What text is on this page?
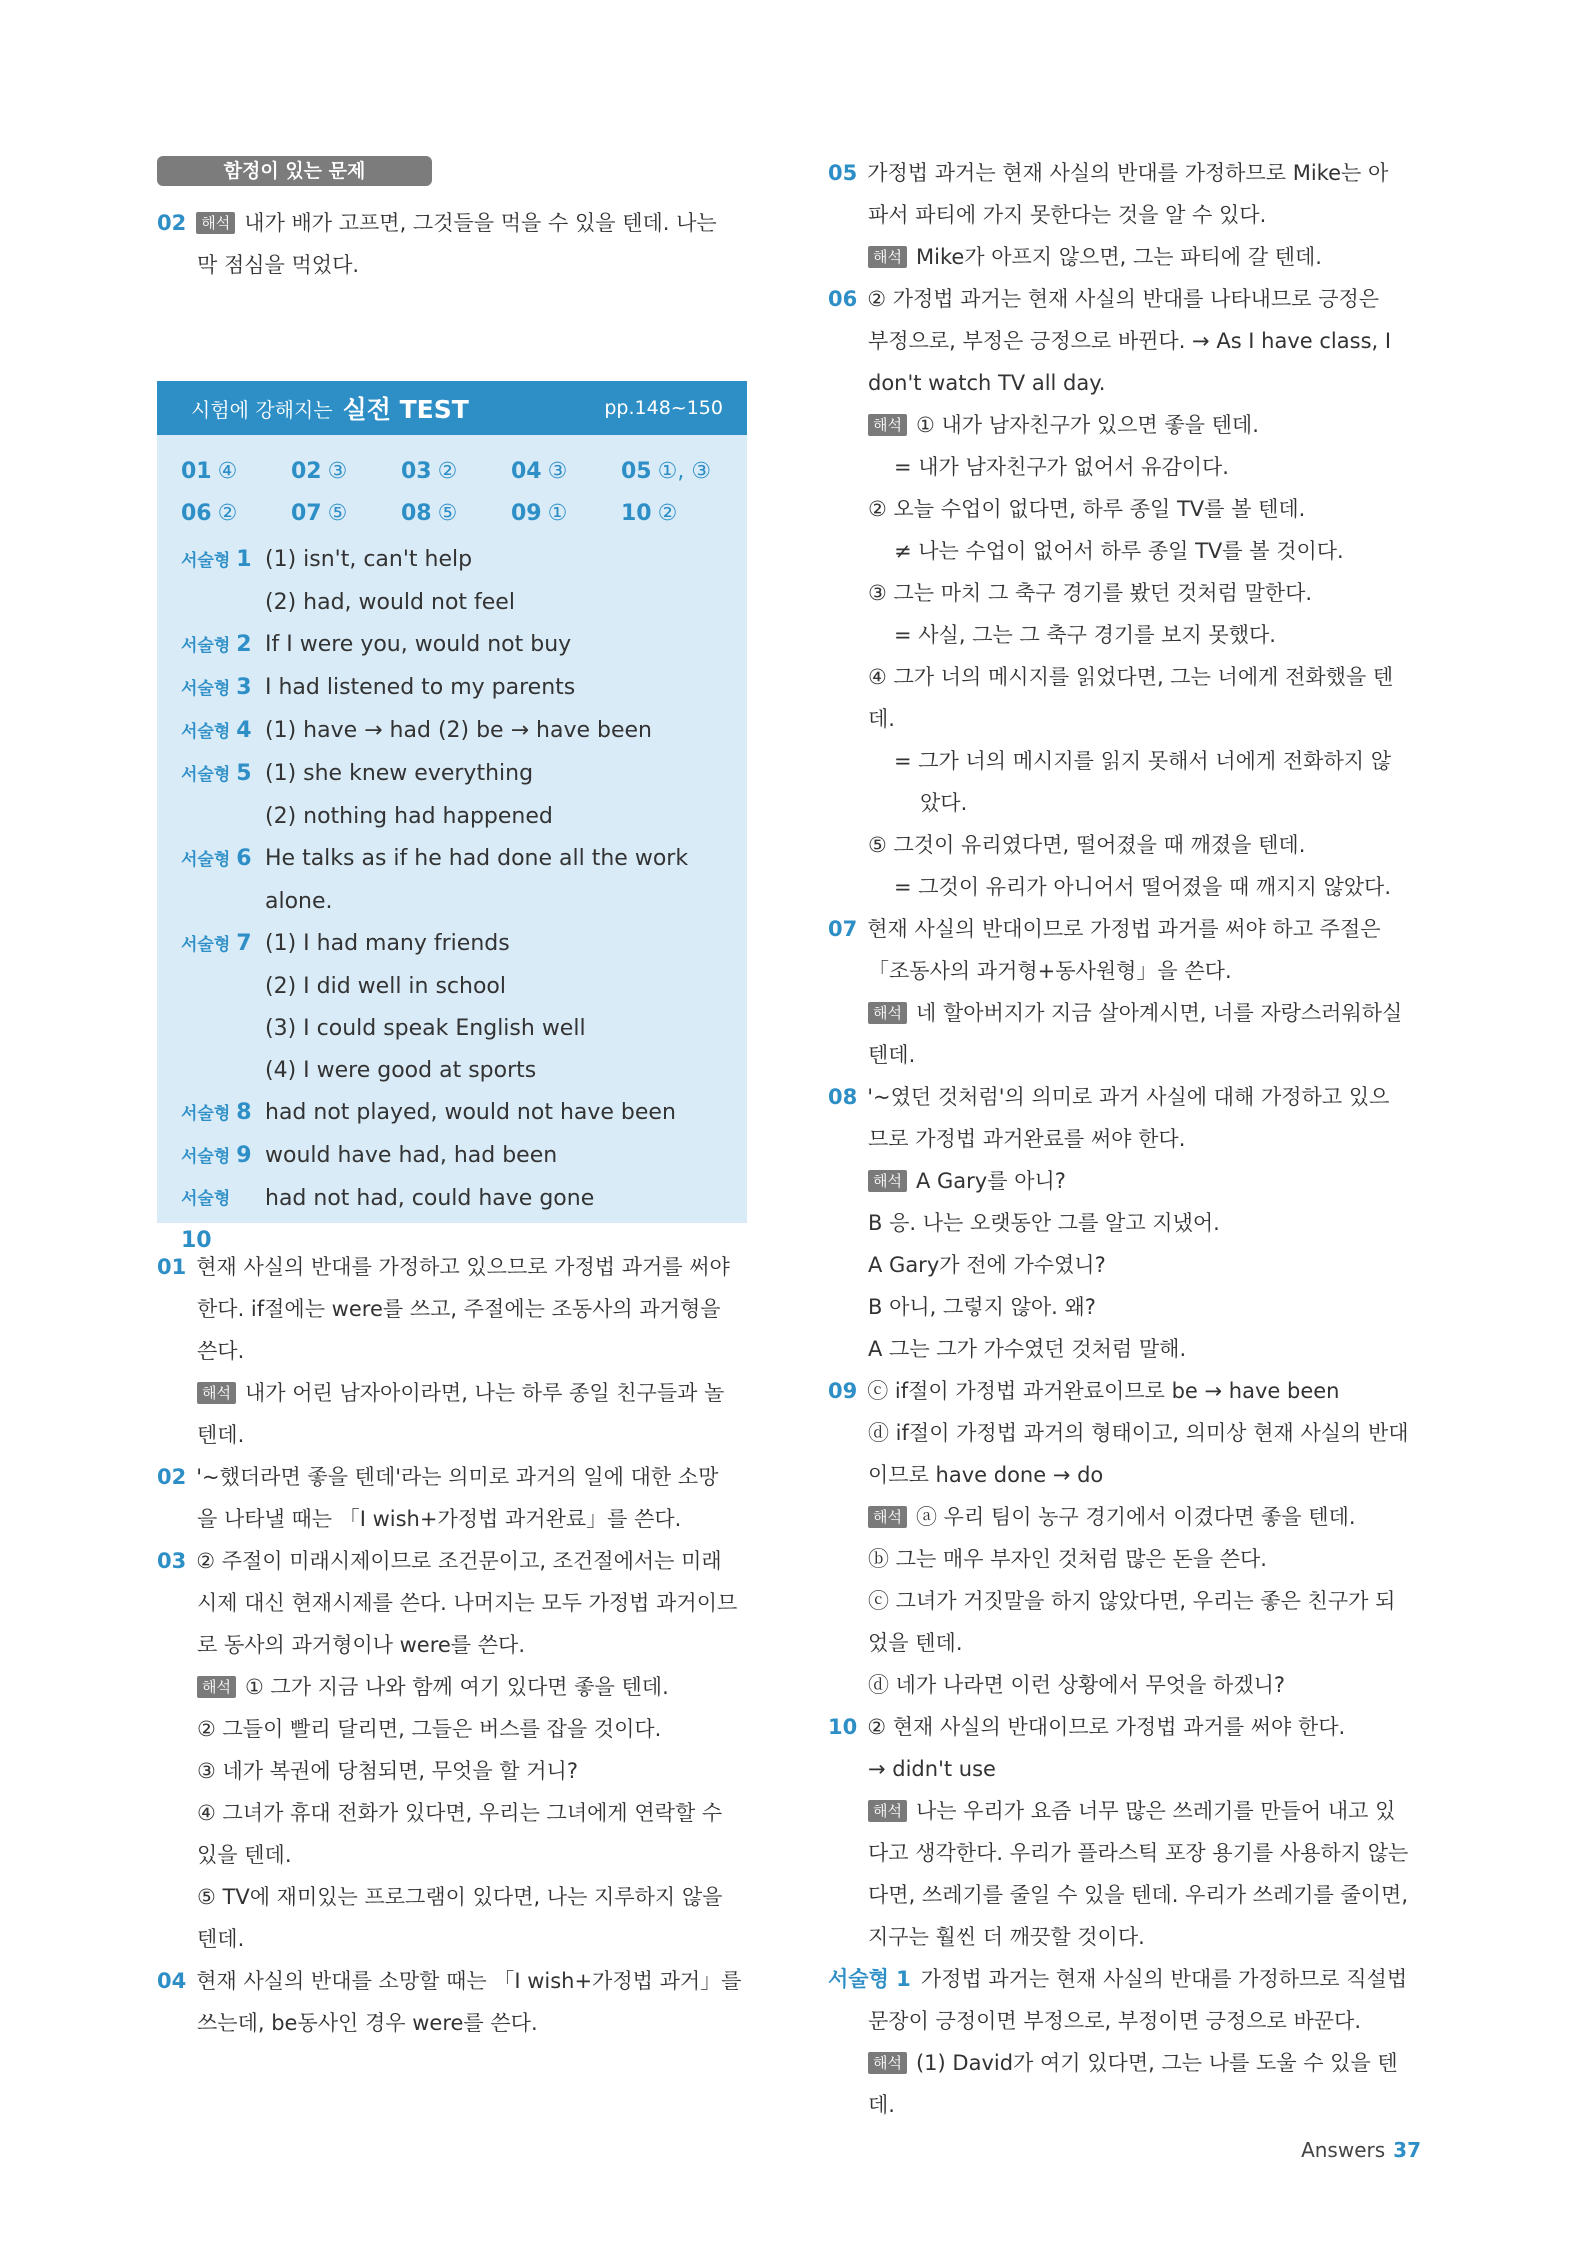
함정이 있는 문제
02 해석 내가 배가 고프면, 그것들을 먹을 수 있을 텐데. 나는
막 점심을 먹었다.
시험에 강해지는 실전 TEST	pp.148~150
01 ④	02 ③	03 ②	04 ③	05 ①, ③
06 ②	07 ⑤	08 ⑤	09 ①	10 ②
서술형 1 (1) isn't, can't help
(2) had, would not feel
서술형 2 If I were you, would not buy
서술형 3 I had listened to my parents
서술형 4 (1) have → had (2) be → have been
서술형 5 (1) she knew everything
(2) nothing had happened
서술형 6 He talks as if he had done all the work
alone.
서술형 7 (1) I had many friends
(2) I did well in school
(3) I could speak English well
(4) I were good at sports
서술형 8 had not played, would not have been
서술형 9 would have had, had been
서술형 10
had not had, could have gone
01 현재 사실의 반대를 가정하고 있으므로 가정법 과거를 써야
한다. if절에는 were를 쓰고, 주절에는 조동사의 과거형을
쓴다.
해석 내가 어린 남자아이라면, 나는 하루 종일 친구들과 놀
텐데.
02 '~했더라면 좋을 텐데'라는 의미로 과거의 일에 대한 소망
을 나타낼 때는 「I wish+가정법 과거완료」를 쓴다.
03 ② 주절이 미래시제이므로 조건문이고, 조건절에서는 미래
시제 대신 현재시제를 쓴다. 나머지는 모두 가정법 과거이므
로 동사의 과거형이나 were를 쓴다.
해석 ① 그가 지금 나와 함께 여기 있다면 좋을 텐데.
② 그들이 빨리 달리면, 그들은 버스를 잡을 것이다.
③ 네가 복권에 당첨되면, 무엇을 할 거니?
④ 그녀가 휴대 전화가 있다면, 우리는 그녀에게 연락할 수
있을 텐데.
⑤ TV에 재미있는 프로그램이 있다면, 나는 지루하지 않을
텐데.
04 현재 사실의 반대를 소망할 때는 「I wish+가정법 과거」를
쓰는데, be동사인 경우 were를 쓴다.
05 가정법 과거는 현재 사실의 반대를 가정하므로 Mike는 아
파서 파티에 가지 못한다는 것을 알 수 있다.
해석 Mike가 아프지 않으면, 그는 파티에 갈 텐데.
06 ② 가정법 과거는 현재 사실의 반대를 나타내므로 긍정은
부정으로, 부정은 긍정으로 바뀐다. → As I have class, I
don't watch TV all day.
해석 ① 내가 남자친구가 있으면 좋을 텐데.
= 내가 남자친구가 없어서 유감이다.
② 오늘 수업이 없다면, 하루 종일 TV를 볼 텐데.
≠ 나는 수업이 없어서 하루 종일 TV를 볼 것이다.
③ 그는 마치 그 축구 경기를 봤던 것처럼 말한다.
= 사실, 그는 그 축구 경기를 보지 못했다.
④ 그가 너의 메시지를 읽었다면, 그는 너에게 전화했을 텐데.
= 그가 너의 메시지를 읽지 못해서 너에게 전화하지 않
았다.
⑤ 그것이 유리였다면, 떨어졌을 때 깨졌을 텐데.
= 그것이 유리가 아니어서 떨어졌을 때 깨지지 않았다.
07 현재 사실의 반대이므로 가정법 과거를 써야 하고 주절은
「조동사의 과거형+동사원형」을 쓴다.
해석 네 할아버지가 지금 살아계시면, 너를 자랑스러워하실
텐데.
08 '~였던 것처럼'의 의미로 과거 사실에 대해 가정하고 있으
므로 가정법 과거완료를 써야 한다.
해석 A Gary를 아니?
B 응. 나는 오랫동안 그를 알고 지냈어.
A Gary가 전에 가수였니?
B 아니, 그렇지 않아. 왜?
A 그는 그가 가수였던 것처럼 말해.
09 ⓒ if절이 가정법 과거완료이므로 be → have been
ⓓ if절이 가정법 과거의 형태이고, 의미상 현재 사실의 반대
이므로 have done → do
해석 ⓐ 우리 팀이 농구 경기에서 이겼다면 좋을 텐데.
ⓑ 그는 매우 부자인 것처럼 많은 돈을 쓴다.
ⓒ 그녀가 거짓말을 하지 않았다면, 우리는 좋은 친구가 되
었을 텐데.
ⓓ 네가 나라면 이런 상황에서 무엇을 하겠니?
10 ② 현재 사실의 반대이므로 가정법 과거를 써야 한다.
→ didn't use
해석 나는 우리가 요즘 너무 많은 쓰레기를 만들어 내고 있
다고 생각한다. 우리가 플라스틱 포장 용기를 사용하지 않는
다면, 쓰레기를 줄일 수 있을 텐데. 우리가 쓰레기를 줄이면,
지구는 훨씬 더 깨끗할 것이다.
서술형 1 가정법 과거는 현재 사실의 반대를 가정하므로 직설법
문장이 긍정이면 부정으로, 부정이면 긍정으로 바꾼다.
해석 (1) David가 여기 있다면, 그는 나를 도울 수 있을 텐데.
Answers 37
